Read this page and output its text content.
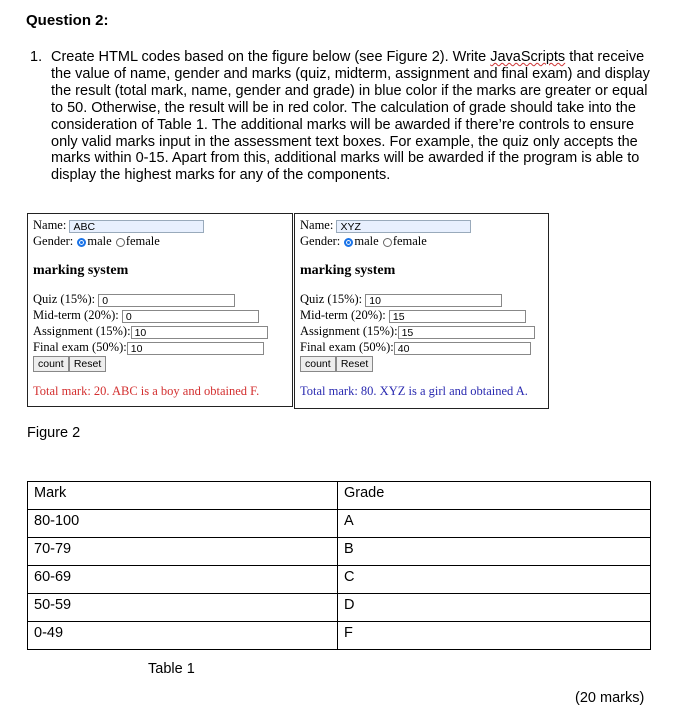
Question 2:
1. Create HTML codes based on the figure below (see Figure 2). Write JavaScripts that receive the value of name, gender and marks (quiz, midterm, assignment and final exam) and display the result (total mark, name, gender and grade) in blue color if the marks are greater or equal to 50. Otherwise, the result will be in red color. The calculation of grade should take into the consideration of Table 1. The additional marks will be awarded if there’re controls to ensure only valid marks input in the assessment text boxes. For example, the quiz only accepts the marks within 0-15. Apart from this, additional marks will be awarded if the program is able to display the highest marks for any of the components.
Name: ABC
Gender: male female
marking system
Quiz (15%): 0
Mid-term (20%): 0
Assignment (15%): 10
Final exam (50%): 10
count Reset
Total mark: 20. ABC is a boy and obtained F.
Name: XYZ
Gender: male female
marking system
Quiz (15%): 10
Mid-term (20%): 15
Assignment (15%): 15
Final exam (50%): 40
count Reset
Total mark: 80. XYZ is a girl and obtained A.
Figure 2
Mark	Grade
80-100	A
70-79	B
60-69	C
50-59	D
0-49	F
Table 1
(20 marks)
